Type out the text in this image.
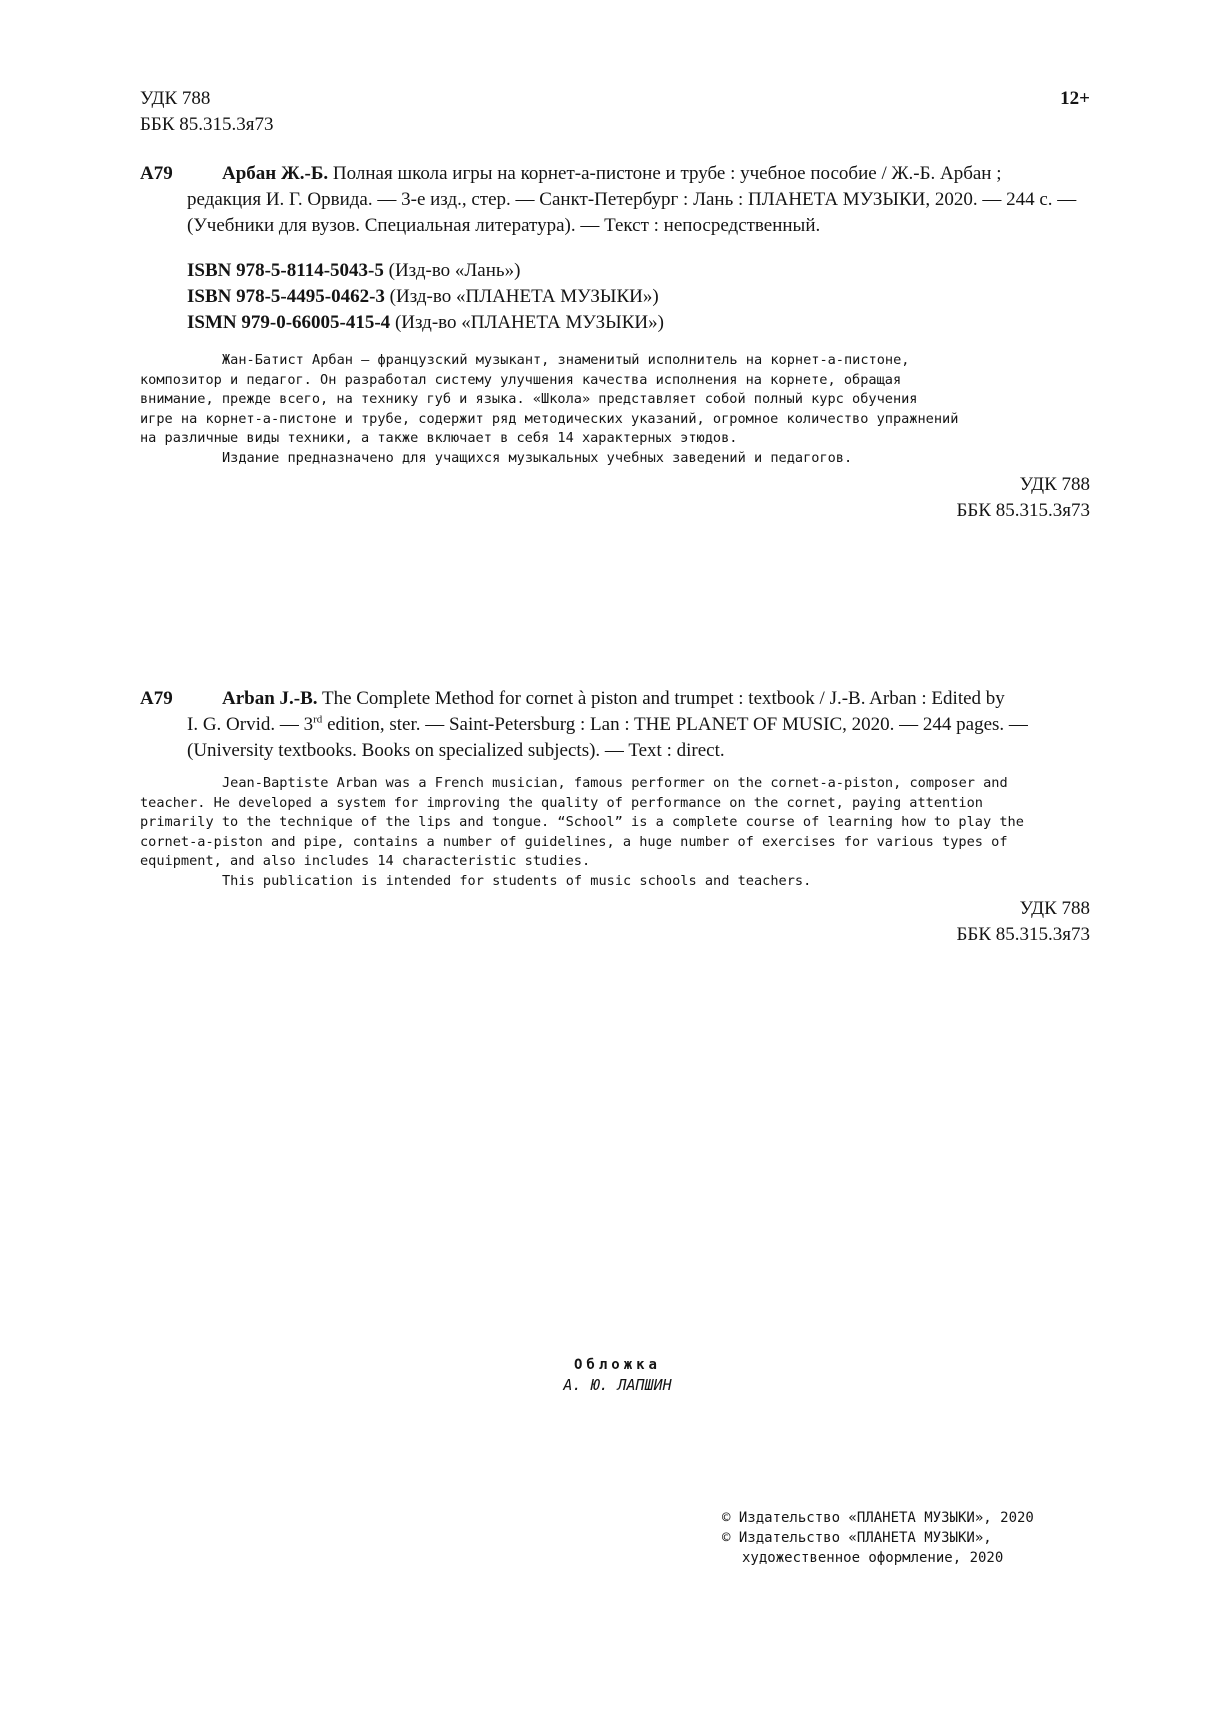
УДК 788
ББК 85.315.3я73
12+
А79	Арбан Ж.-Б. Полная школа игры на корнет-а-пистоне и трубе : учебное пособие / Ж.-Б. Арбан ;
редакция И. Г. Орвида. — 3-е изд., стер. — Санкт-Петербург : Лань : ПЛАНЕТА МУЗЫКИ, 2020. — 244 с. —
(Учебники для вузов. Специальная литература). — Текст : непосредственный.
ISBN 978-5-8114-5043-5 (Изд-во «Лань»)
ISBN 978-5-4495-0462-3 (Изд-во «ПЛАНЕТА МУЗЫКИ»)
ISMN 979-0-66005-415-4 (Изд-во «ПЛАНЕТА МУЗЫКИ»)
Жан-Батист Арбан — французский музыкант, знаменитый исполнитель на корнет-а-пистоне,
композитор и педагог. Он разработал систему улучшения качества исполнения на корнете, обращая
внимание, прежде всего, на технику губ и языка. «Школа» представляет собой полный курс обучения
игре на корнет-а-пистоне и трубе, содержит ряд методических указаний, огромное количество упражнений
на различные виды техники, а также включает в себя 14 характерных этюдов.
Издание предназначено для учащихся музыкальных учебных заведений и педагогов.
УДК 788
ББК 85.315.3я73
А79	Arban J.-B. The Complete Method for cornet à piston and trumpet : textbook / J.-B. Arban : Edited by
I. G. Orvid. — 3rd edition, ster. — Saint-Petersburg : Lan : THE PLANET OF MUSIC, 2020. — 244 pages. —
(University textbooks. Books on specialized subjects). — Text : direct.
Jean-Baptiste Arban was a French musician, famous performer on the cornet-a-piston, composer and
teacher. He developed a system for improving the quality of performance on the cornet, paying attention
primarily to the technique of the lips and tongue. “School” is a complete course of learning how to play the
cornet-a-piston and pipe, contains a number of guidelines, a huge number of exercises for various types of
equipment, and also includes 14 characteristic studies.
This publication is intended for students of music schools and teachers.
УДК 788
ББК 85.315.3я73
Обложка
А. Ю. ЛАПШИН
© Издательство «ПЛАНЕТА МУЗЫКИ», 2020
© Издательство «ПЛАНЕТА МУЗЫКИ»,
художественное оформление, 2020
